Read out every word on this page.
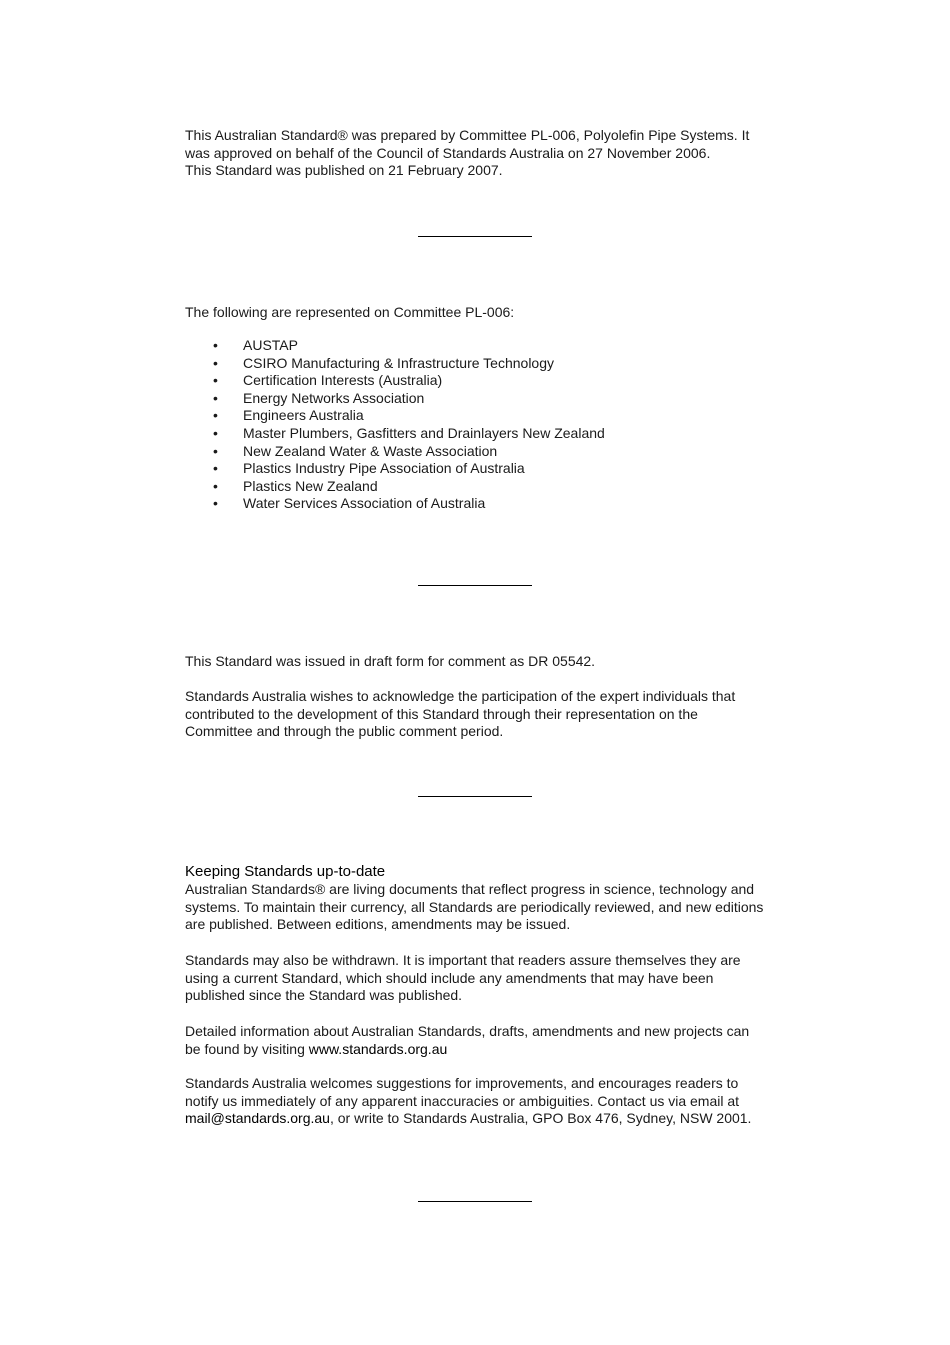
This Australian Standard® was prepared by Committee PL-006, Polyolefin Pipe Systems. It

was approved on behalf of the Council of Standards Australia on 27 November 2006.

This Standard was published on 21 February 2007.

The following are represented on Committee PL-006:

• AUSTAP
• CSIRO Manufacturing & Infrastructure Technology
• Certification Interests (Australia)
• Energy Networks Association
• Engineers Australia
• Master Plumbers, Gasfitters and Drainlayers New Zealand
• New Zealand Water & Waste Association
• Plastics Industry Pipe Association of Australia
• Plastics New Zealand
• Water Services Association of Australia

This Standard was issued in draft form for comment as DR 05542.

Standards Australia wishes to acknowledge the participation of the expert individuals that

contributed to the development of this Standard through their representation on the

Committee and through the public comment period.

Keeping Standards up-to-date

Australian Standards® are living documents that reflect progress in science, technology and

systems. To maintain their currency, all Standards are periodically reviewed, and new editions

are published. Between editions, amendments may be issued.

Standards may also be withdrawn. It is important that readers assure themselves they are

using a current Standard, which should include any amendments that may have been

published since the Standard was published.

Detailed information about Australian Standards, drafts, amendments and new projects can

be found by visiting www.standards.org.au

Standards Australia welcomes suggestions for improvements, and encourages readers to

notify us immediately of any apparent inaccuracies or ambiguities. Contact us via email at

mail@standards.org.au, or write to Standards Australia, GPO Box 476, Sydney, NSW 2001.
